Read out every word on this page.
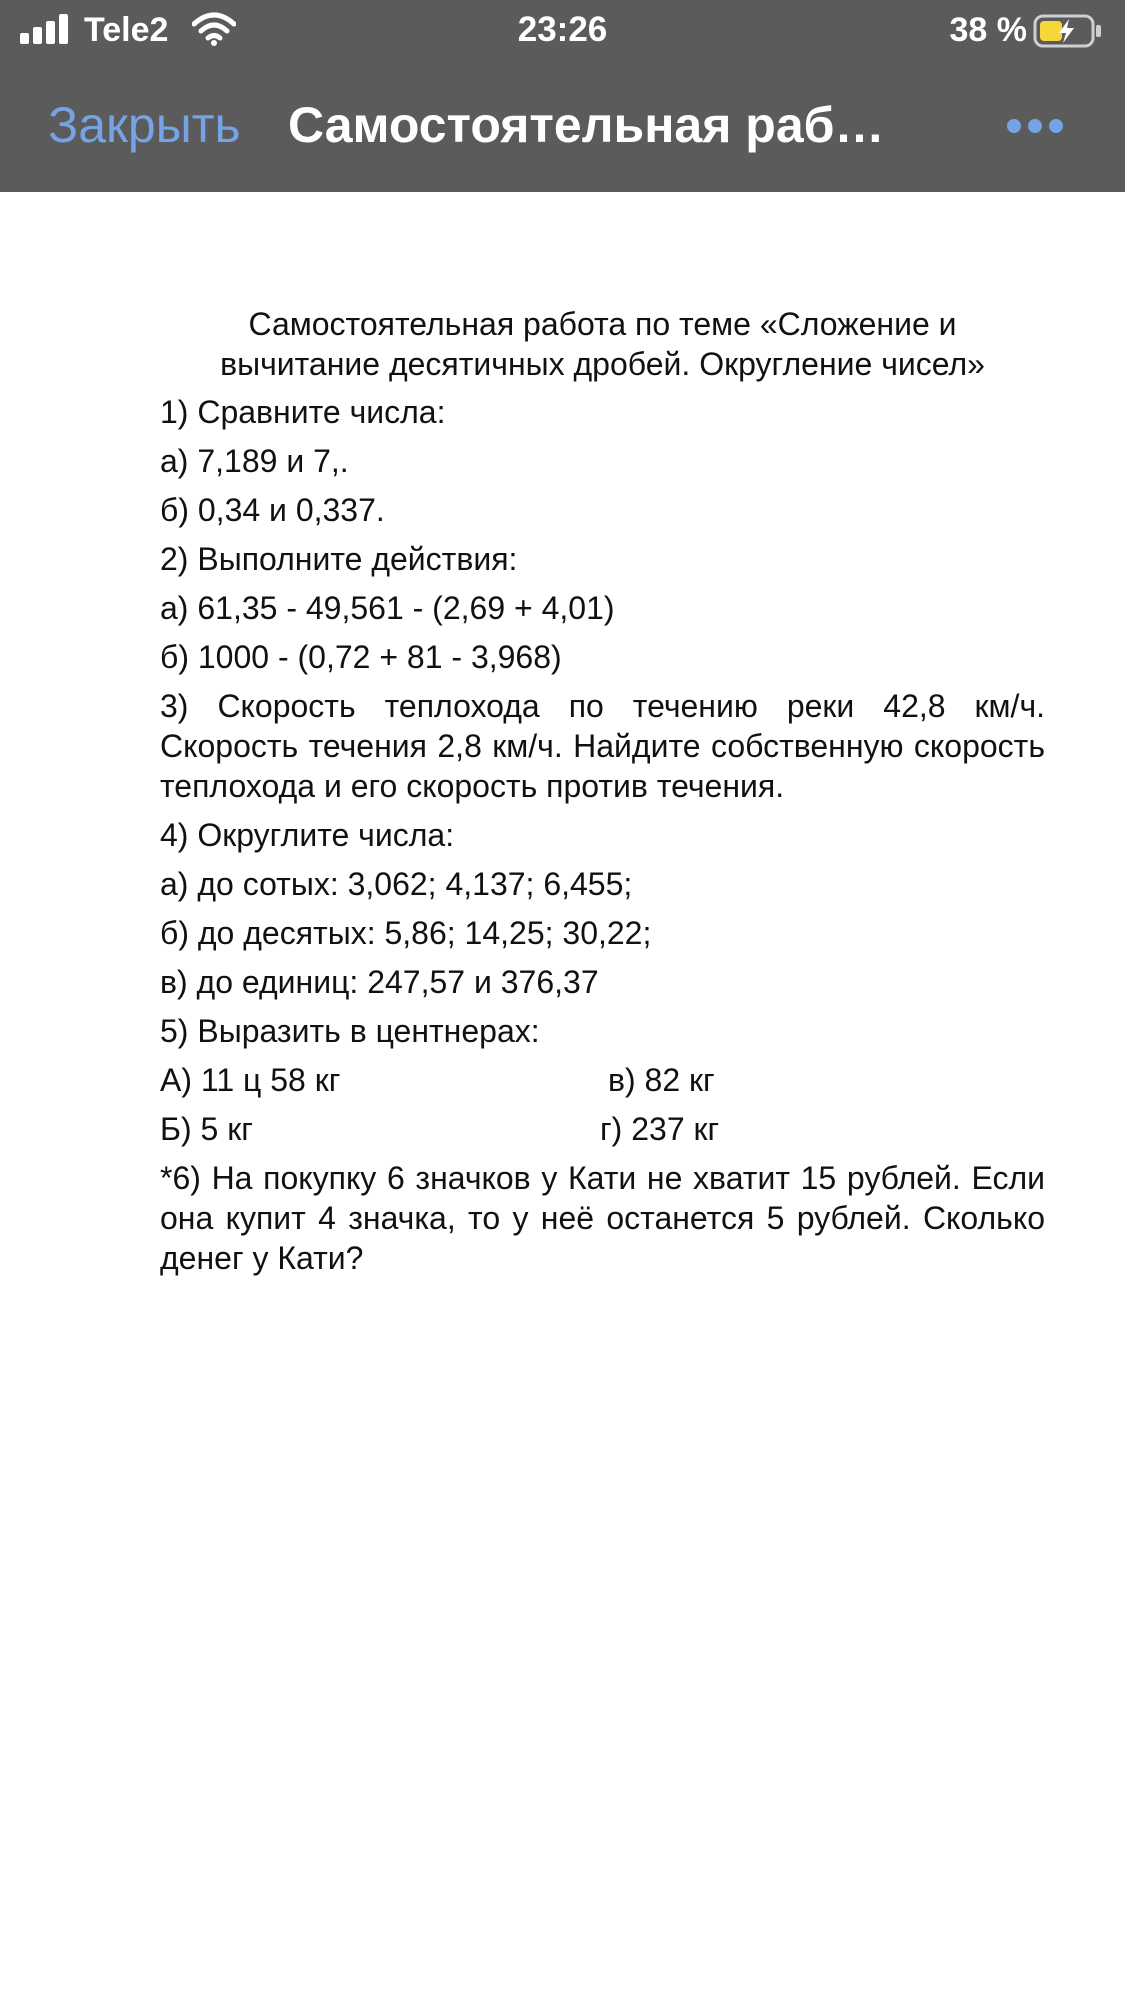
Tele2	23:26	38 %
Закрыть Самостоятельная раб…
Самостоятельная работа по теме «Сложение и
вычитание десятичных дробей. Округление чисел»
1) Сравните числа:
а) 7,189 и 7,.
б) 0,34 и 0,337.
2) Выполните действия:
а) 61,35 - 49,561 - (2,69 + 4,01)
б) 1000 - (0,72 + 81 - 3,968)
3) Скорость теплохода по течению реки 42,8 км/ч. Скорость течения 2,8 км/ч. Найдите собственную скорость теплохода и его скорость против течения.
4) Округлите числа:
а) до сотых: 3,062; 4,137; 6,455;
б) до десятых: 5,86; 14,25; 30,22;
в) до единиц: 247,57 и 376,37
5) Выразить в центнерах:
А) 11 ц 58 кг	в) 82 кг
Б) 5 кг	г) 237 кг
*6) На покупку 6 значков у Кати не хватит 15 рублей. Если она купит 4 значка, то у неё останется 5 рублей. Сколько денег у Кати?
